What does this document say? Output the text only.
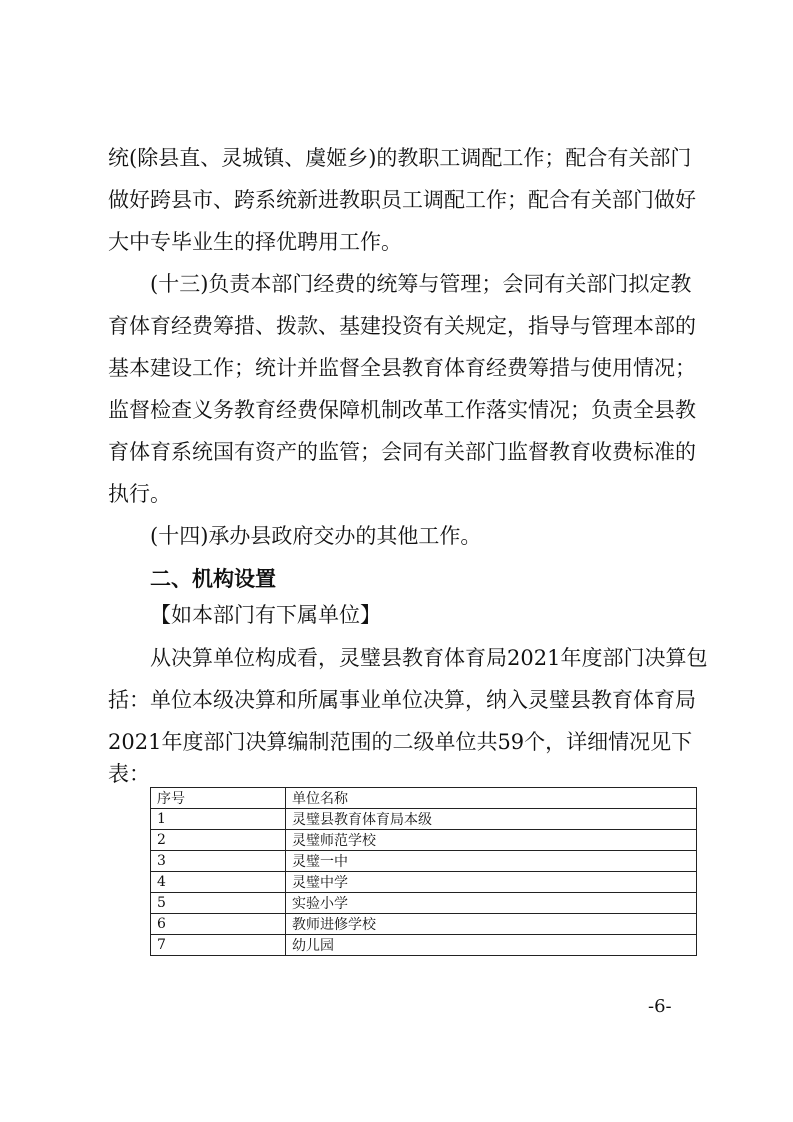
统(除县直、灵城镇、虞姬乡)的教职工调配工作；配合有关部门
做好跨县市、跨系统新进教职员工调配工作；配合有关部门做好
大中专毕业生的择优聘用工作。
(十三)负责本部门经费的统筹与管理；会同有关部门拟定教
育体育经费筹措、拨款、基建投资有关规定，指导与管理本部的
基本建设工作；统计并监督全县教育体育经费筹措与使用情况；
监督检查义务教育经费保障机制改革工作落实情况；负责全县教
育体育系统国有资产的监管；会同有关部门监督教育收费标准的
执行。
(十四)承办县政府交办的其他工作。
二、机构设置
【如本部门有下属单位】
从决算单位构成看，灵璧县教育体育局2021年度部门决算包
括：单位本级决算和所属事业单位决算，纳入灵璧县教育体育局
2021年度部门决算编制范围的二级单位共59个，详细情况见下
表：
序号	单位名称
1	灵璧县教育体育局本级
2	灵璧师范学校
3	灵璧一中
4	灵璧中学
5	实验小学
6	教师进修学校
7	幼儿园
-6-
